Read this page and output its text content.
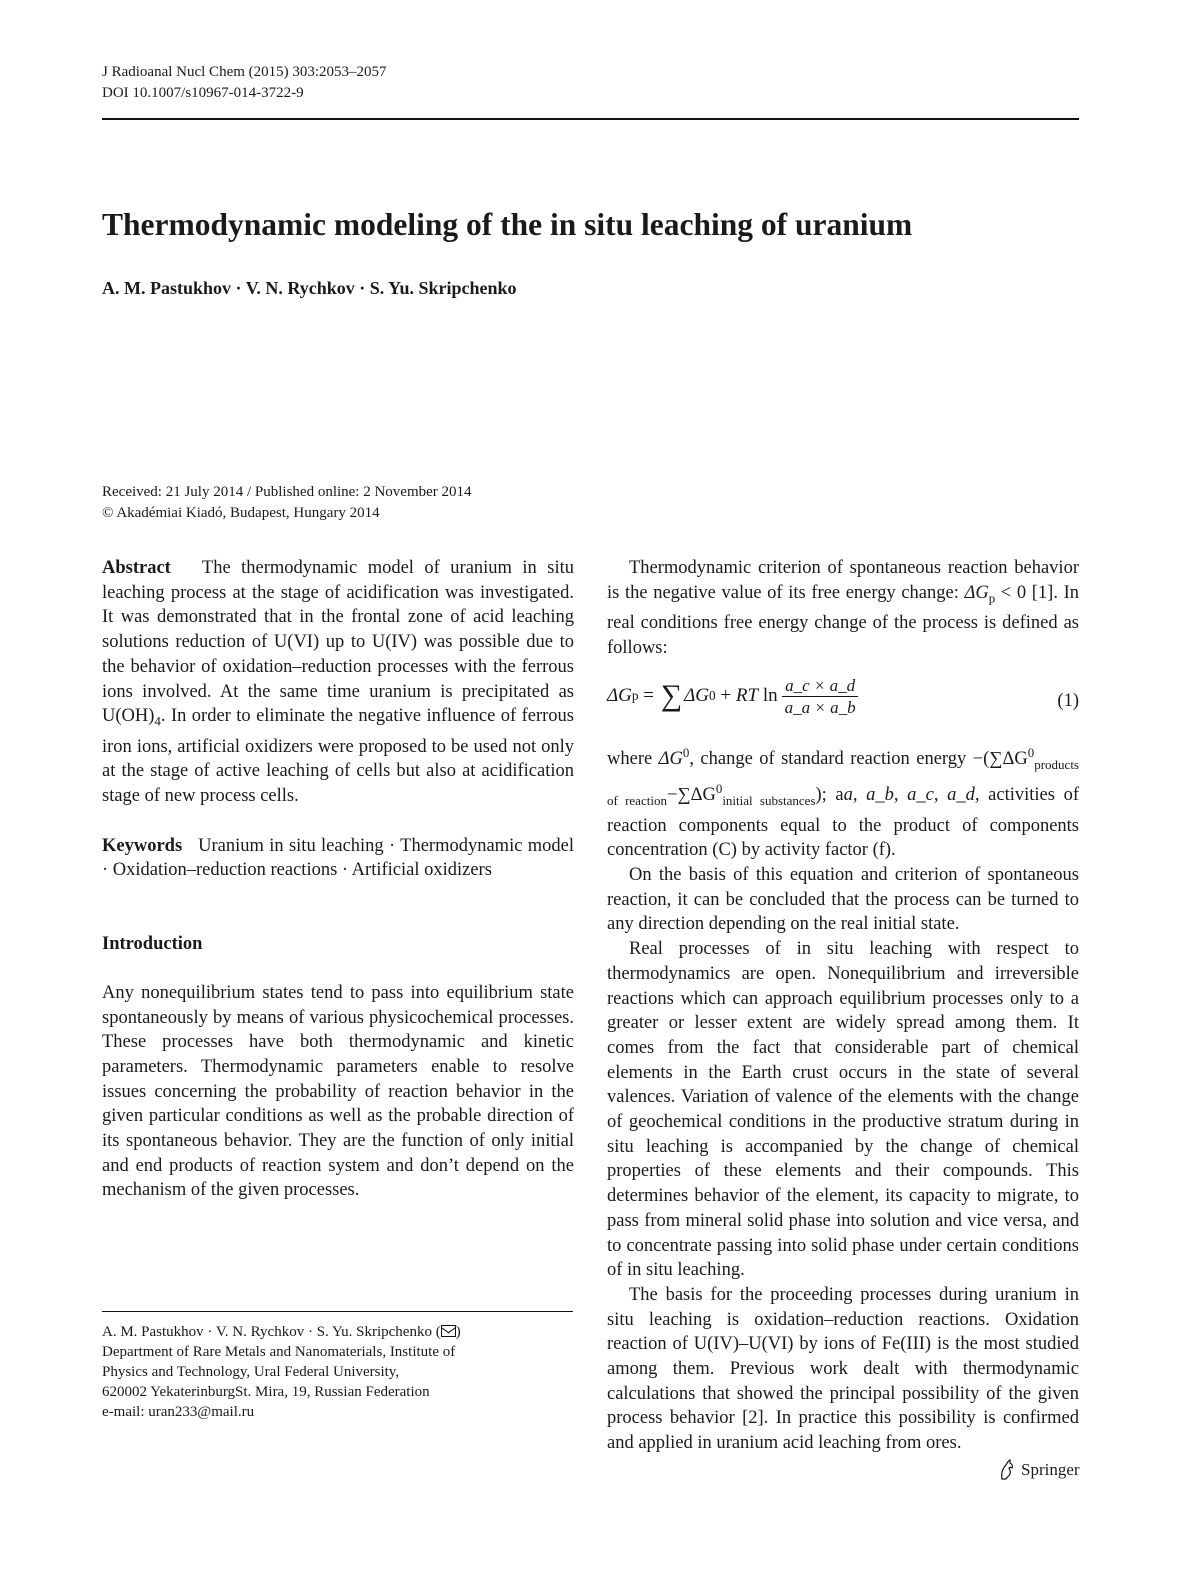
J Radioanal Nucl Chem (2015) 303:2053–2057
DOI 10.1007/s10967-014-3722-9
Thermodynamic modeling of the in situ leaching of uranium
A. M. Pastukhov · V. N. Rychkov · S. Yu. Skripchenko
Received: 21 July 2014 / Published online: 2 November 2014
© Akadémiai Kiadó, Budapest, Hungary 2014

Abstract The thermodynamic model of uranium in situ leaching process at the stage of acidification was investigated. It was demonstrated that in the frontal zone of acid leaching solutions reduction of U(VI) up to U(IV) was possible due to the behavior of oxidation–reduction processes with the ferrous ions involved. At the same time uranium is precipitated as $U(OH)_4$. In order to eliminate the negative influence of ferrous iron ions, artificial oxidizers were proposed to be used not only at the stage of active leaching of cells but also at acidification stage of new process cells.

Keywords Uranium in situ leaching · Thermodynamic model · Oxidation–reduction reactions · Artificial oxidizers

Introduction

Any nonequilibrium states tend to pass into equilibrium state spontaneously by means of various physicochemical processes. These processes have both thermodynamic and kinetic parameters. Thermodynamic parameters enable to resolve issues concerning the probability of reaction behavior in the given particular conditions as well as the probable direction of its spontaneous behavior. They are the function of only initial and end products of reaction system and don’t depend on the mechanism of the given processes.

A. M. Pastukhov · V. N. Rychkov · S. Yu. Skripchenko ( )

Department of Rare Metals and Nanomaterials, Institute of

Physics and Technology, Ural Federal University,

620002 YekaterinburgSt. Mira, 19, Russian Federation

e-mail: uran233@mail.ru

Thermodynamic criterion of spontaneous reaction behavior is the negative value of its free energy change: $\Delta G_p < 0$ [1]. In real conditions free energy change of the process is defined as follows:

ΔG p = ∑ ΔG 0 + RT $\ln \frac{a\_c \times a\_d}{a\_a \times a\_b}$	(1)

where $\Delta G^0$, change of standard reaction energy $-(\sum\Delta G^0_{products of reaction}-\sum\Delta G^0_{initial substances})$; aa, a_b, a_c, a_d, activities of reaction components equal to the product of components concentration (C) by activity factor (f).

On the basis of this equation and criterion of spontaneous reaction, it can be concluded that the process can be turned to any direction depending on the real initial state.

Real processes of in situ leaching with respect to thermodynamics are open. Nonequilibrium and irreversible reactions which can approach equilibrium processes only to a greater or lesser extent are widely spread among them. It comes from the fact that considerable part of chemical elements in the Earth crust occurs in the state of several valences. Variation of valence of the elements with the change of geochemical conditions in the productive stratum during in situ leaching is accompanied by the change of chemical properties of these elements and their compounds. This determines behavior of the element, its capacity to migrate, to pass from mineral solid phase into solution and vice versa, and to concentrate passing into solid phase under certain conditions of in situ leaching.

The basis for the proceeding processes during uranium in situ leaching is oxidation–reduction reactions. Oxidation reaction of U(IV)–U(VI) by ions of Fe(III) is the most studied among them. Previous work dealt with thermodynamic calculations that showed the principal possibility of the given process behavior [2]. In practice this possibility is confirmed and applied in uranium acid leaching from ores.

Springer
